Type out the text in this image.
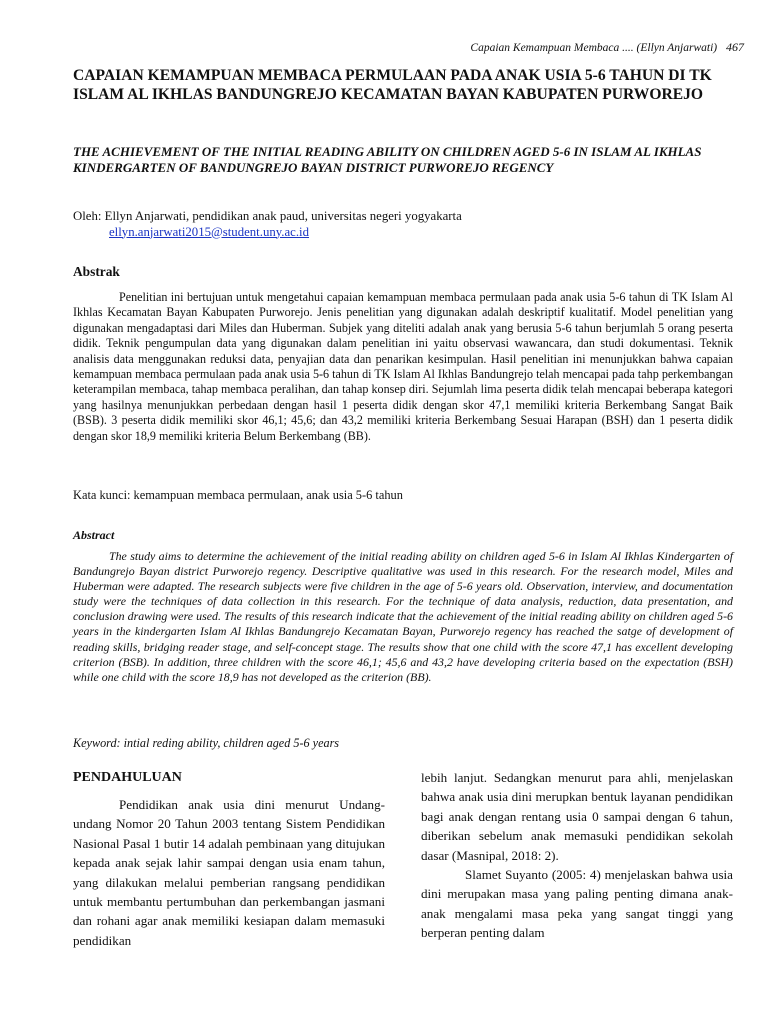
Capaian Kemampuan Membaca .... (Ellyn Anjarwati) 467
CAPAIAN KEMAMPUAN MEMBACA PERMULAAN PADA ANAK USIA 5-6 TAHUN DI TK ISLAM AL IKHLAS BANDUNGREJO KECAMATAN BAYAN KABUPATEN PURWOREJO
THE ACHIEVEMENT OF THE INITIAL READING ABILITY ON CHILDREN AGED 5-6 IN ISLAM AL IKHLAS KINDERGARTEN OF BANDUNGREJO BAYAN DISTRICT PURWOREJO REGENCY
Oleh: Ellyn Anjarwati, pendidikan anak paud, universitas negeri yogyakarta
ellyn.anjarwati2015@student.uny.ac.id
Abstrak

Penelitian ini bertujuan untuk mengetahui capaian kemampuan membaca permulaan pada anak usia 5-6 tahun di TK Islam Al Ikhlas Kecamatan Bayan Kabupaten Purworejo. Jenis penelitian yang digunakan adalah deskriptif kualitatif. Model penelitian yang digunakan mengadaptasi dari Miles dan Huberman. Subjek yang diteliti adalah anak yang berusia 5-6 tahun berjumlah 5 orang peserta didik. Teknik pengumpulan data yang digunakan dalam penelitian ini yaitu observasi wawancara, dan studi dokumentasi. Teknik analisis data menggunakan reduksi data, penyajian data dan penarikan kesimpulan. Hasil penelitian ini menunjukkan bahwa capaian kemampuan membaca permulaan pada anak usia 5-6 tahun di TK Islam Al Ikhlas Bandungrejo telah mencapai pada tahp perkembangan keterampilan membaca, tahap membaca peralihan, dan tahap konsep diri. Sejumlah lima peserta didik telah mencapai beberapa kategori yang hasilnya menunjukkan perbedaan dengan hasil 1 peserta didik dengan skor 47,1 memiliki kriteria Berkembang Sangat Baik (BSB). 3 peserta didik memiliki skor 46,1; 45,6; dan 43,2 memiliki kriteria Berkembang Sesuai Harapan (BSH) dan 1 peserta didik dengan skor 18,9 memiliki kriteria Belum Berkembang (BB).

Kata kunci: kemampuan membaca permulaan, anak usia 5-6 tahun
Abstract

The study aims to determine the achievement of the initial reading ability on children aged 5-6 in Islam Al Ikhlas Kindergarten of Bandungrejo Bayan district Purworejo regency. Descriptive qualitative was used in this research. For the research model, Miles and Huberman were adapted. The research subjects were five children in the age of 5-6 years old. Observation, interview, and documentation study were the techniques of data collection in this research. For the technique of data analysis, reduction, data presentation, and conclusion drawing were used. The results of this research indicate that the achievement of the initial reading ability on children aged 5-6 years in the kindergarten Islam Al Ikhlas Bandungrejo Kecamatan Bayan, Purworejo regency has reached the satge of development of reading skills, bridging reader stage, and self-concept stage. The results show that one child with the score 47,1 has excellent developing criterion (BSB). In addition, three children with the score 46,1; 45,6 and 43,2 have developing criteria based on the expectation (BSH) while one child with the score 18,9 has not developed as the criterion (BB).

Keyword: intial reding ability, children aged 5-6 years
PENDAHULUAN

Pendidikan anak usia dini menurut Undang-undang Nomor 20 Tahun 2003 tentang Sistem Pendidikan Nasional Pasal 1 butir 14 adalah pembinaan yang ditujukan kepada anak sejak lahir sampai dengan usia enam tahun, yang dilakukan melalui pemberian rangsang pendidikan untuk membantu pertumbuhan dan perkembangan jasmani dan rohani agar anak memiliki kesiapan dalam memasuki pendidikan

lebih lanjut. Sedangkan menurut para ahli, menjelaskan bahwa anak usia dini merupkan bentuk layanan pendidikan bagi anak dengan rentang usia 0 sampai dengan 6 tahun, diberikan sebelum anak memasuki pendidikan sekolah dasar (Masnipal, 2018: 2).

Slamet Suyanto (2005: 4) menjelaskan bahwa usia dini merupakan masa yang paling penting dimana anak-anak mengalami masa peka yang sangat tinggi yang berperan penting dalam
